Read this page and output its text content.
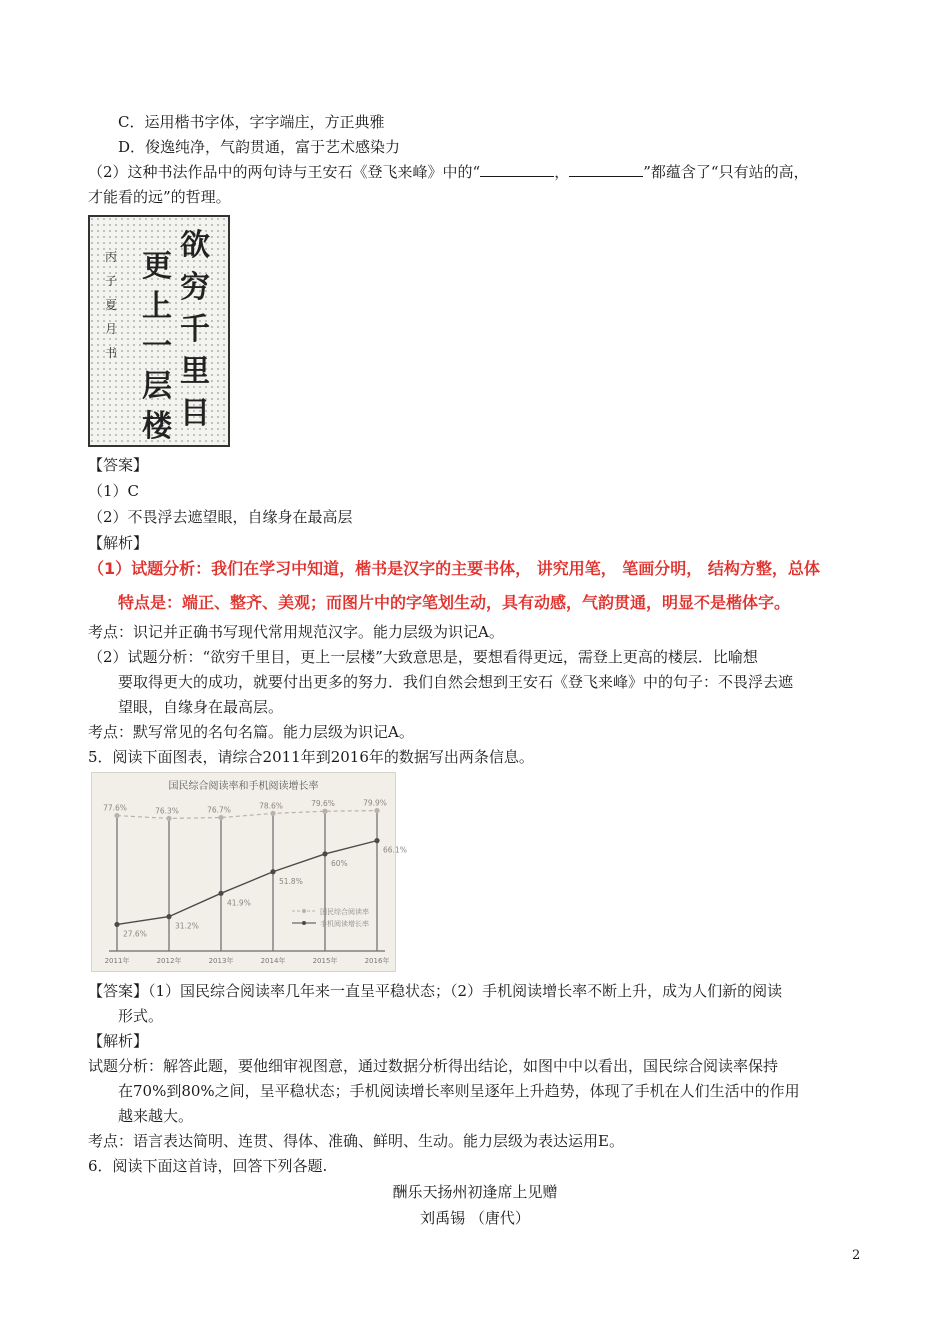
C．运用楷书字体，字字端庄，方正典雅
D．俊逸纯净，气韵贯通，富于艺术感染力
（2）这种书法作品中的两句诗与王安石《登飞来峰》中的“	，	”都蕴含了“只有站的高，
才能看的远”的哲理。
欲
穷
千
里
目
更
上
一
层
楼
丙
子
夏
月
书
【答案】
（1）C
（2）不畏浮去遮望眼，自缘身在最高层
【解析】
（1）试题分析：我们在学习中知道，楷书是汉字的主要书体， 讲究用笔， 笔画分明， 结构方整，总体
特点是：端正、整齐、美观；而图片中的字笔划生动，具有动感，气韵贯通，明显不是楷体字。
考点：识记并正确书写现代常用规范汉字。能力层级为识记A。
（2）试题分析：“欲穷千里目，更上一层楼”大致意思是，要想看得更远，需登上更高的楼层．比喻想
要取得更大的成功，就要付出更多的努力．我们自然会想到王安石《登飞来峰》中的句子：不畏浮去遮
望眼，自缘身在最高层。
考点：默写常见的名句名篇。能力层级为识记A。
5．阅读下面图表，请综合2011年到2016年的数据写出两条信息。
国民综合阅读率和手机阅读增长率
2011年	2012年	2013年	2014年	2015年	2016年
77.6%	76.3%	76.7%	78.6%	79.6%	79.9%
27.6%
31.2%
41.9%
51.8%
60%
66.1%
国民综合阅读率
手机阅读增长率
【答案】（1）国民综合阅读率几年来一直呈平稳状态；（2）手机阅读增长率不断上升，成为人们新的阅读
形式。
【解析】
试题分析：解答此题，要他细审视图意，通过数据分析得出结论，如图中中以看出，国民综合阅读率保持
在70%到80%之间，呈平稳状态；手机阅读增长率则呈逐年上升趋势，体现了手机在人们生活中的作用
越来越大。
考点：语言表达简明、连贯、得体、准确、鲜明、生动。能力层级为表达运用E。
6．阅读下面这首诗，回答下列各题.
酬乐天扬州初逢席上见赠
刘禹锡 （唐代）
2
